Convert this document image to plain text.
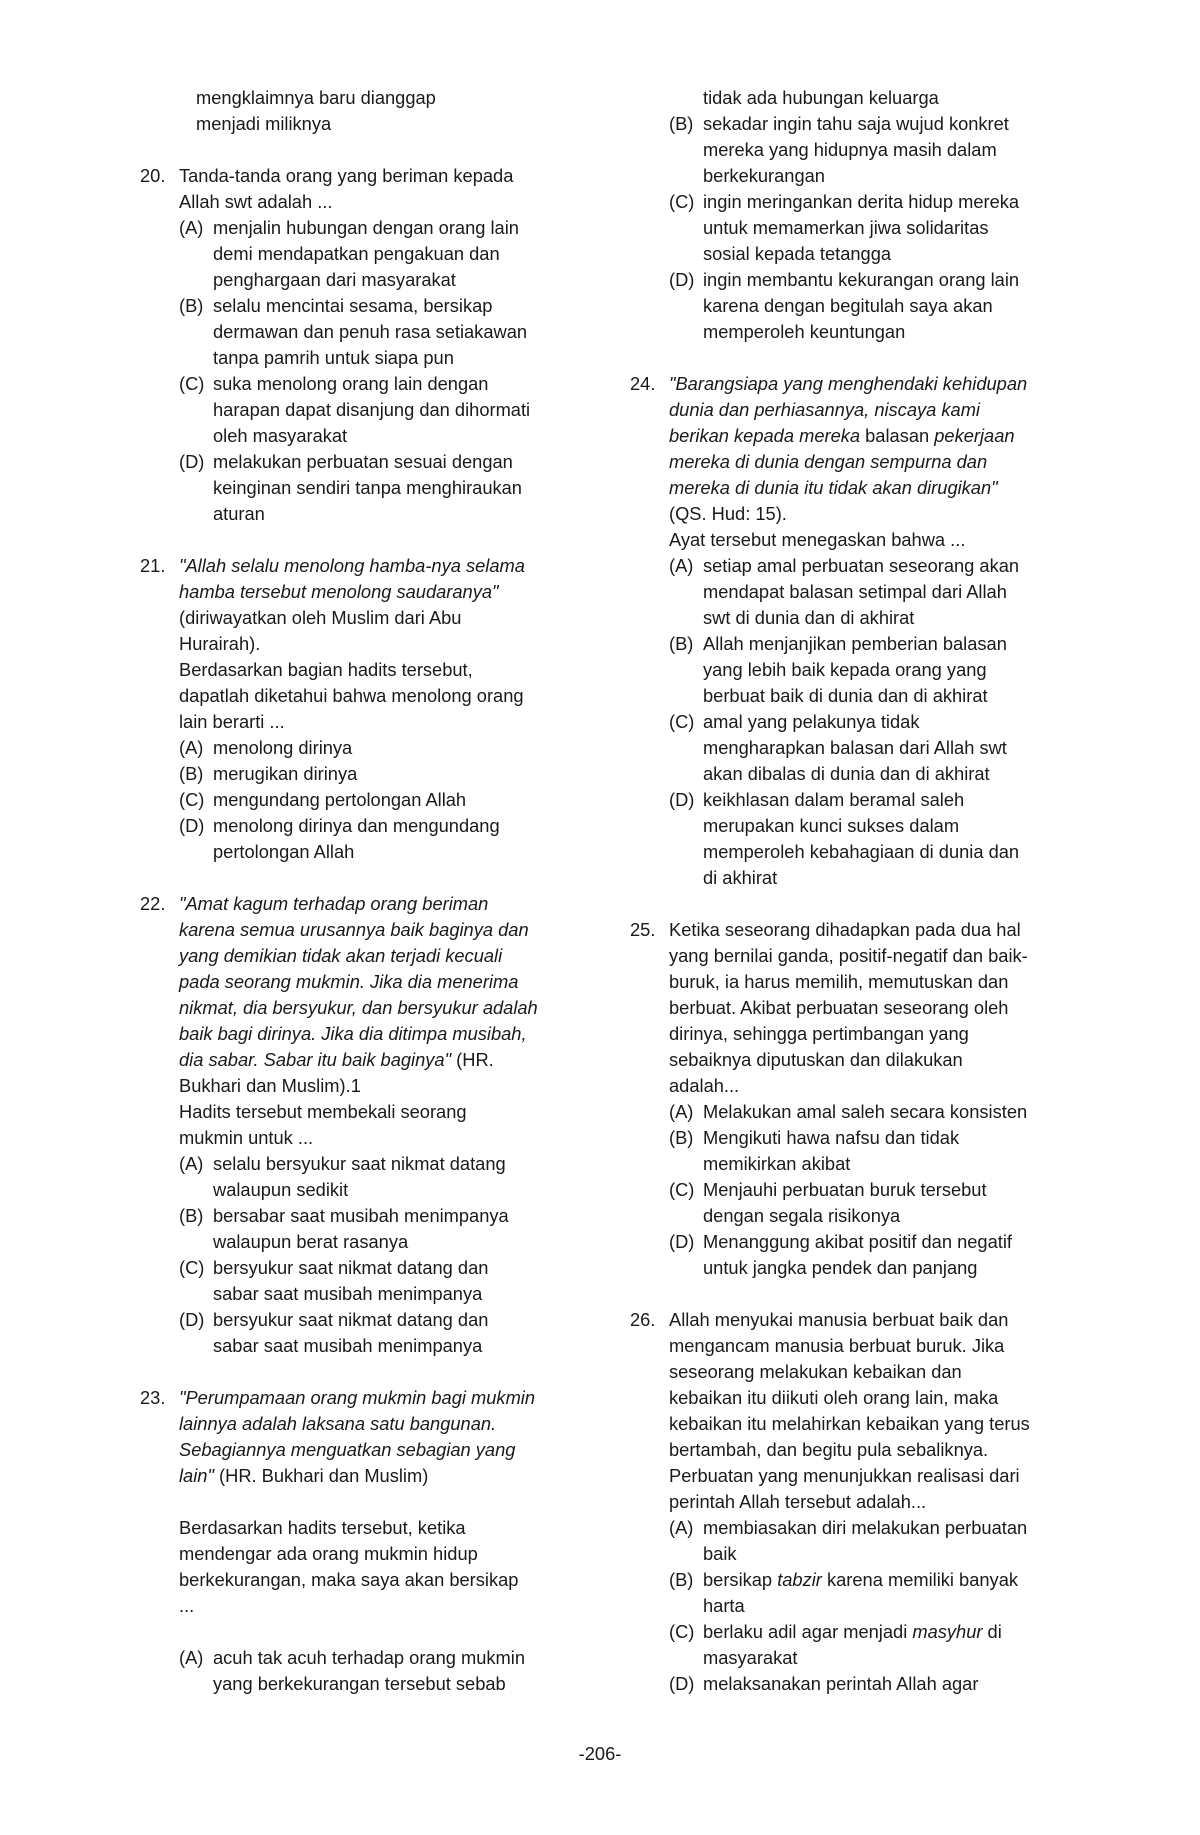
mengklaimnya baru dianggap
menjadi miliknya
20. Tanda-tanda orang yang beriman kepada
Allah swt adalah ...
(A) menjalin hubungan dengan orang lain
demi mendapatkan pengakuan dan
penghargaan dari masyarakat
(B) selalu mencintai sesama, bersikap
dermawan dan penuh rasa setiakawan
tanpa pamrih untuk siapa pun
(C) suka menolong orang lain dengan
harapan dapat disanjung dan dihormati
oleh masyarakat
(D) melakukan perbuatan sesuai dengan
keinginan sendiri tanpa menghiraukan
aturan
21. "Allah selalu menolong hamba-nya selama
hamba tersebut menolong saudaranya"
(diriwayatkan oleh Muslim dari Abu
Hurairah).
Berdasarkan bagian hadits tersebut,
dapatlah diketahui bahwa menolong orang
lain berarti ...
(A) menolong dirinya
(B) merugikan dirinya
(C) mengundang pertolongan Allah
(D) menolong dirinya dan mengundang
pertolongan Allah
22. "Amat kagum terhadap orang beriman
karena semua urusannya baik baginya dan
yang demikian tidak akan terjadi kecuali
pada seorang mukmin. Jika dia menerima
nikmat, dia bersyukur, dan bersyukur adalah
baik bagi dirinya. Jika dia ditimpa musibah,
dia sabar. Sabar itu baik baginya" (HR.
Bukhari dan Muslim).1
Hadits tersebut membekali seorang
mukmin untuk ...
(A) selalu bersyukur saat nikmat datang
walaupun sedikit
(B) bersabar saat musibah menimpanya
walaupun berat rasanya
(C) bersyukur saat nikmat datang dan
sabar saat musibah menimpanya
(D) bersyukur saat nikmat datang dan
sabar saat musibah menimpanya
23. "Perumpamaan orang mukmin bagi mukmin
lainnya adalah laksana satu bangunan.
Sebagiannya menguatkan sebagian yang
lain" (HR. Bukhari dan Muslim)
Berdasarkan hadits tersebut, ketika
mendengar ada orang mukmin hidup
berkekurangan, maka saya akan bersikap
...
(A) acuh tak acuh terhadap orang mukmin
yang berkekurangan tersebut sebab
tidak ada hubungan keluarga
(B) sekadar ingin tahu saja wujud konkret
mereka yang hidupnya masih dalam
berkekurangan
(C) ingin meringankan derita hidup mereka
untuk memamerkan jiwa solidaritas
sosial kepada tetangga
(D) ingin membantu kekurangan orang lain
karena dengan begitulah saya akan
memperoleh keuntungan
24. "Barangsiapa yang menghendaki kehidupan
dunia dan perhiasannya, niscaya kami
berikan kepada mereka balasan pekerjaan
mereka di dunia dengan sempurna dan
mereka di dunia itu tidak akan dirugikan"
(QS. Hud: 15).
Ayat tersebut menegaskan bahwa ...
(A) setiap amal perbuatan seseorang akan
mendapat balasan setimpal dari Allah
swt di dunia dan di akhirat
(B) Allah menjanjikan pemberian balasan
yang lebih baik kepada orang yang
berbuat baik di dunia dan di akhirat
(C) amal yang pelakunya tidak
mengharapkan balasan dari Allah swt
akan dibalas di dunia dan di akhirat
(D) keikhlasan dalam beramal saleh
merupakan kunci sukses dalam
memperoleh kebahagiaan di dunia dan
di akhirat
25. Ketika seseorang dihadapkan pada dua hal
yang bernilai ganda, positif-negatif dan baik-
buruk, ia harus memilih, memutuskan dan
berbuat. Akibat perbuatan seseorang oleh
dirinya, sehingga pertimbangan yang
sebaiknya diputuskan dan dilakukan
adalah...
(A) Melakukan amal saleh secara konsisten
(B) Mengikuti hawa nafsu dan tidak
memikirkan akibat
(C) Menjauhi perbuatan buruk tersebut
dengan segala risikonya
(D) Menanggung akibat positif dan negatif
untuk jangka pendek dan panjang
26. Allah menyukai manusia berbuat baik dan
mengancam manusia berbuat buruk. Jika
seseorang melakukan kebaikan dan
kebaikan itu diikuti oleh orang lain, maka
kebaikan itu melahirkan kebaikan yang terus
bertambah, dan begitu pula sebaliknya.
Perbuatan yang menunjukkan realisasi dari
perintah Allah tersebut adalah...
(A) membiasakan diri melakukan perbuatan
baik
(B) bersikap tabzir karena memiliki banyak
harta
(C) berlaku adil agar menjadi masyhur di
masyarakat
(D) melaksanakan perintah Allah agar
-206-
